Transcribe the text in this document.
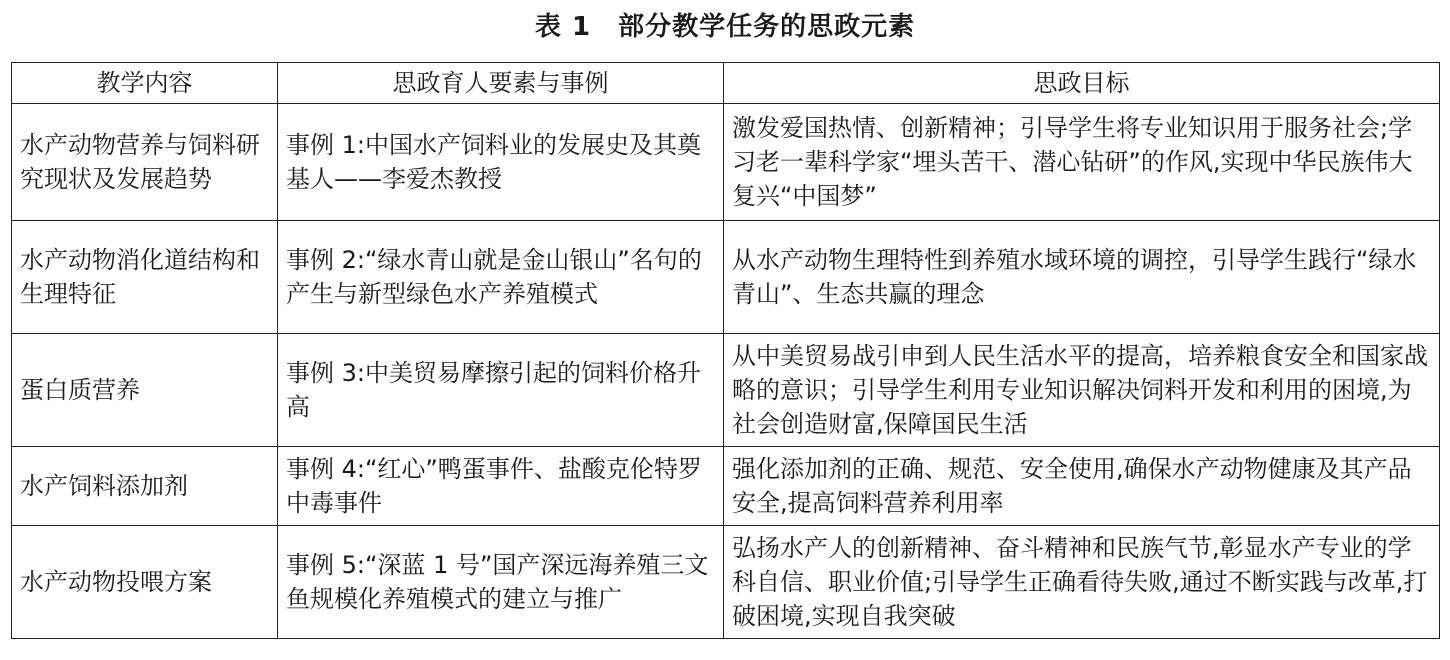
表 1　部分教学任务的思政元素
教学内容	思政育人要素与事例	思政目标
水产动物营养与饲料研究现状及发展趋势	事例 1:中国水产饲料业的发展史及其奠基人——李爱杰教授	激发爱国热情、创新精神；引导学生将专业知识用于服务社会;学习老一辈科学家“埋头苦干、潜心钻研”的作风,实现中华民族伟大复兴“中国梦”
水产动物消化道结构和生理特征	事例 2:“绿水青山就是金山银山”名句的产生与新型绿色水产养殖模式	从水产动物生理特性到养殖水域环境的调控，引导学生践行“绿水青山”、生态共赢的理念
蛋白质营养	事例 3:中美贸易摩擦引起的饲料价格升高	从中美贸易战引申到人民生活水平的提高，培养粮食安全和国家战略的意识；引导学生利用专业知识解决饲料开发和利用的困境,为社会创造财富,保障国民生活
水产饲料添加剂	事例 4:“红心”鸭蛋事件、盐酸克伦特罗中毒事件	强化添加剂的正确、规范、安全使用,确保水产动物健康及其产品安全,提高饲料营养利用率
水产动物投喂方案	事例 5:“深蓝 1 号”国产深远海养殖三文鱼规模化养殖模式的建立与推广	弘扬水产人的创新精神、奋斗精神和民族气节,彰显水产专业的学科自信、职业价值;引导学生正确看待失败,通过不断实践与改革,打破困境,实现自我突破
